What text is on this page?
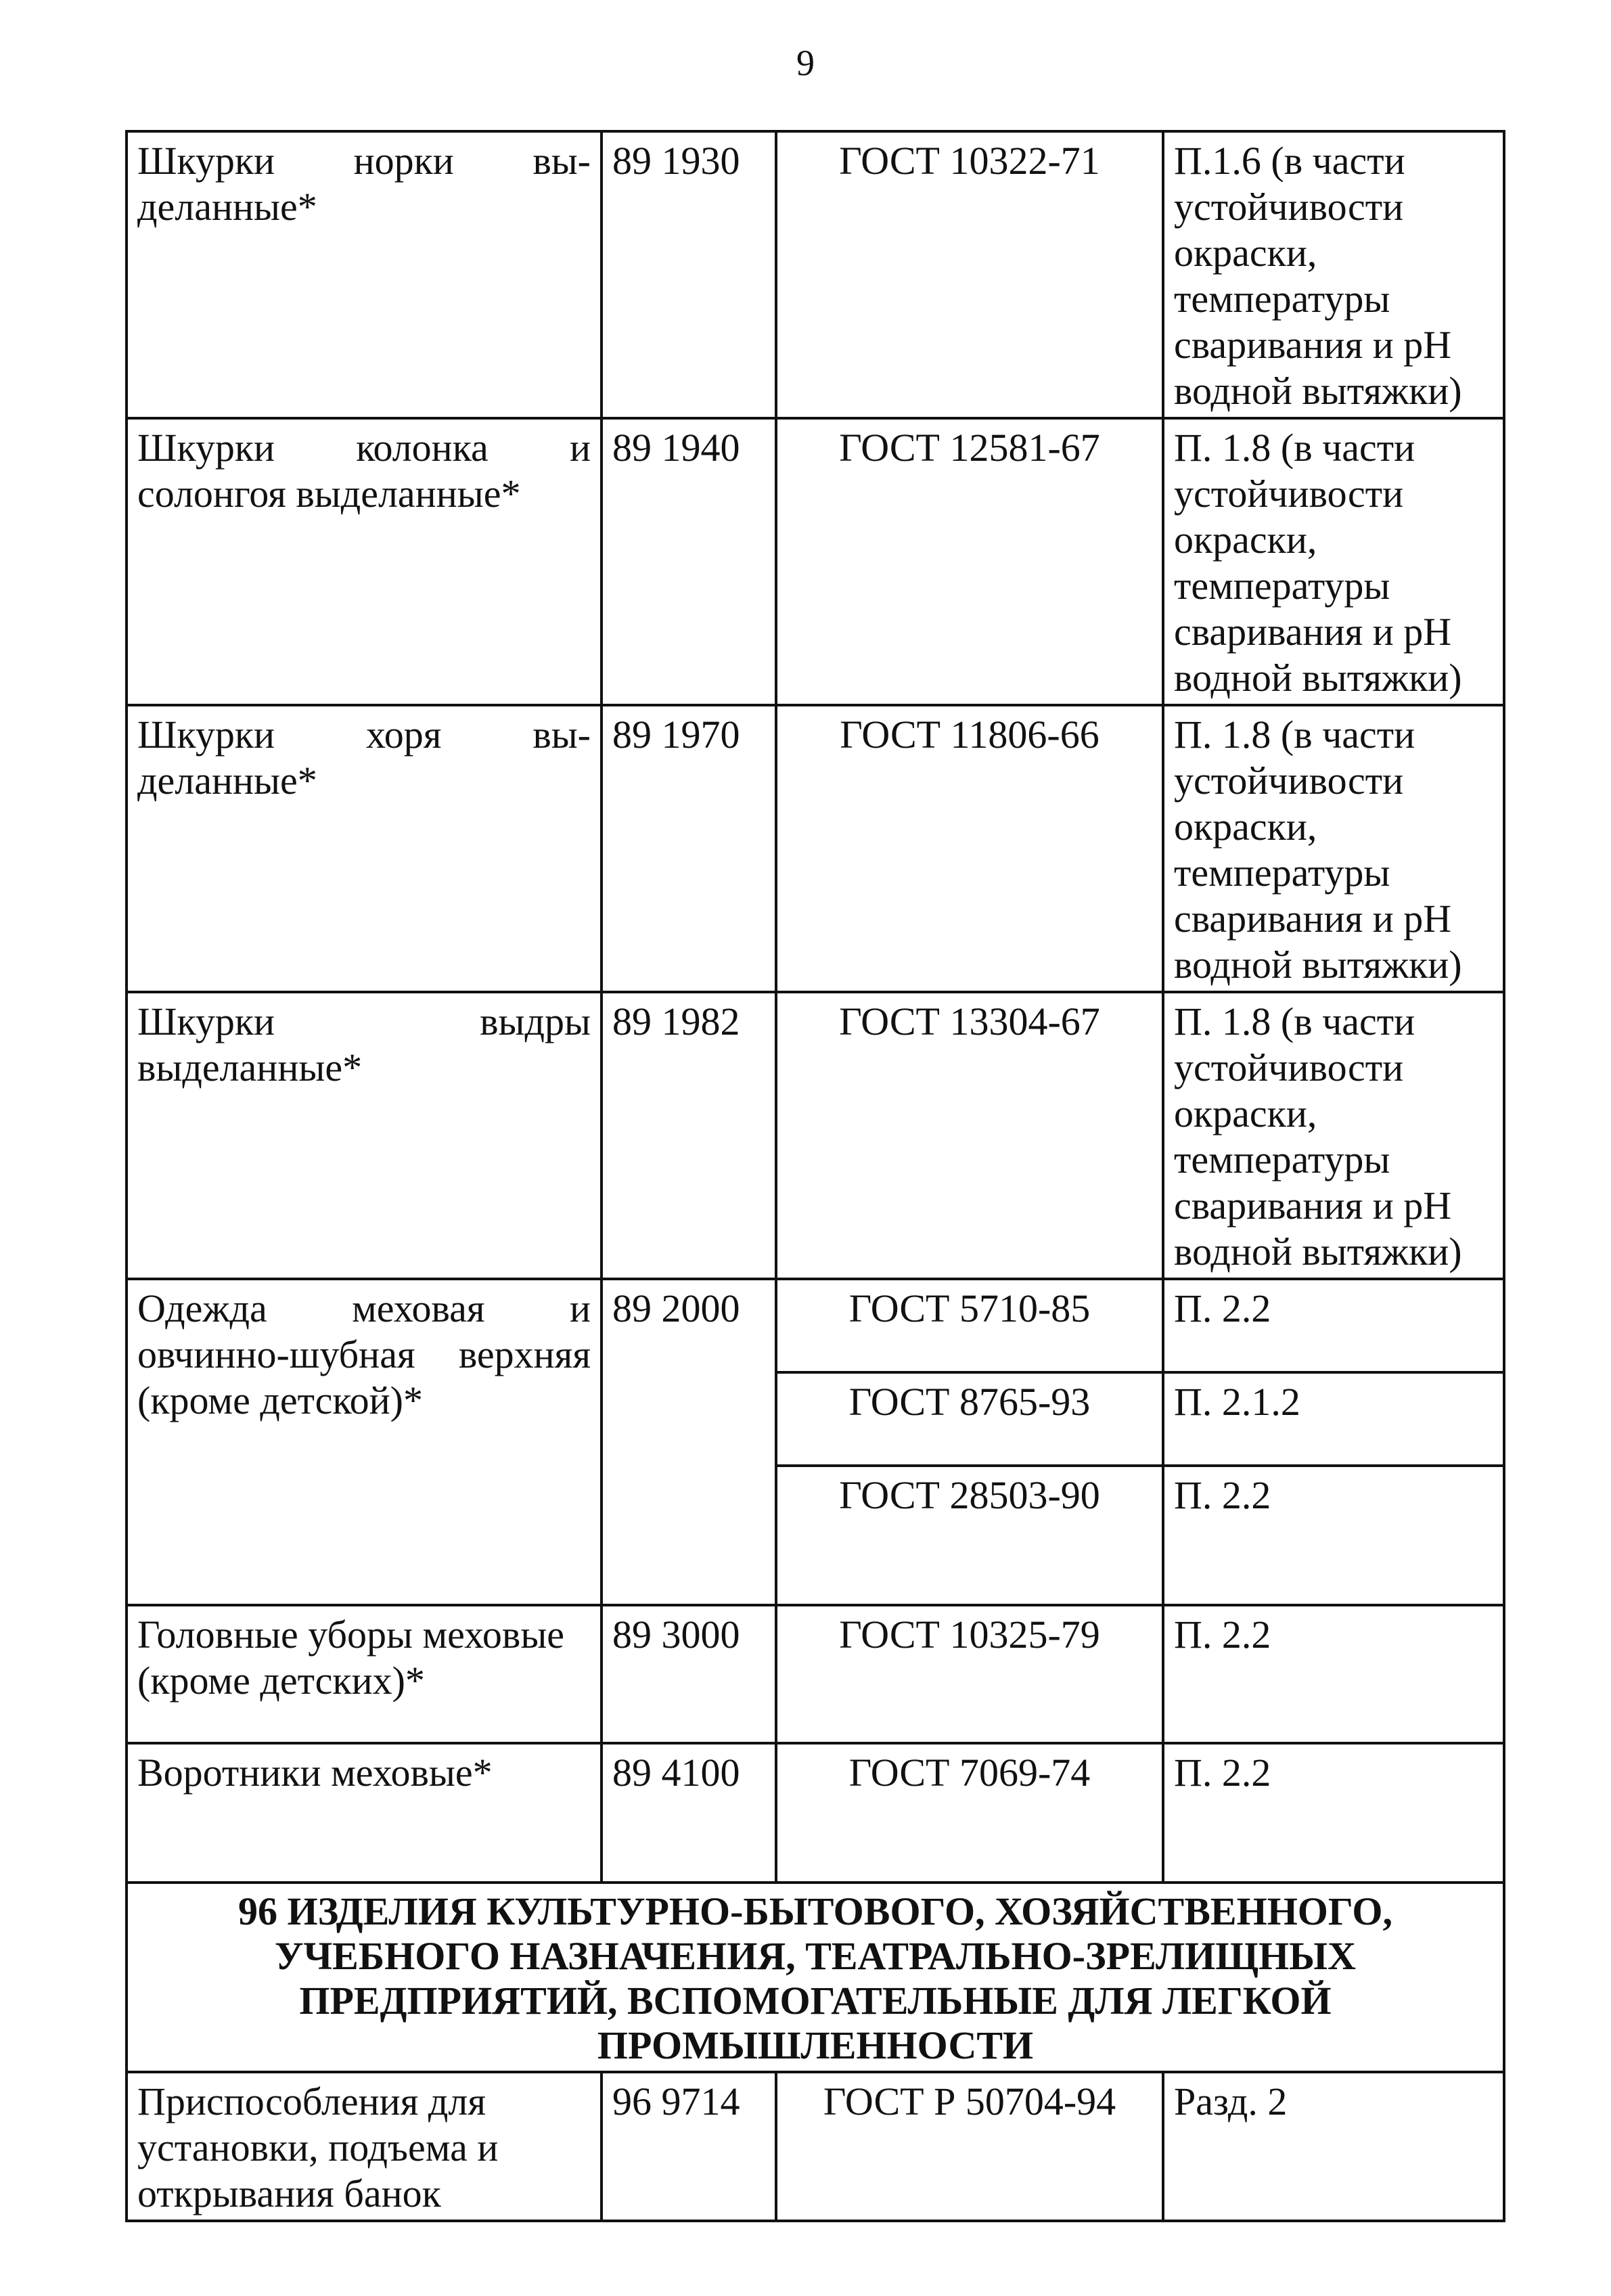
9
Шкурки норки вы-деланные*	89 1930	ГОСТ 10322-71	П.1.6 (в части устойчивости окраски, температуры сваривания и pH водной вытяжки)
Шкурки колонка и солонгоя выделанные*	89 1940	ГОСТ 12581-67	П. 1.8 (в части устойчивости окраски, температуры сваривания и pH водной вытяжки)
Шкурки хоря вы-деланные*	89 1970	ГОСТ 11806-66	П. 1.8 (в части устойчивости окраски, температуры сваривания и pH водной вытяжки)
Шкурки выдры выделанные*	89 1982	ГОСТ 13304-67	П. 1.8 (в части устойчивости окраски, температуры сваривания и pH водной вытяжки)
Одежда меховая и овчинно-шубная верхняя (кроме детской)*	89 2000	ГОСТ 5710-85	П. 2.2
		ГОСТ 8765-93	П. 2.1.2
		ГОСТ 28503-90	П. 2.2
Головные уборы меховые (кроме детских)*	89 3000	ГОСТ 10325-79	П. 2.2
Воротники меховые*	89 4100	ГОСТ 7069-74	П. 2.2
96 ИЗДЕЛИЯ КУЛЬТУРНО-БЫТОВОГО, ХОЗЯЙСТВЕННОГО, УЧЕБНОГО НАЗНАЧЕНИЯ, ТЕАТРАЛЬНО-ЗРЕЛИЩНЫХ ПРЕДПРИЯТИЙ, ВСПОМОГАТЕЛЬНЫЕ ДЛЯ ЛЕГКОЙ ПРОМЫШЛЕННОСТИ			
Приспособления для установки, подъема и открывания банок	96 9714	ГОСТ Р 50704-94	Разд. 2
